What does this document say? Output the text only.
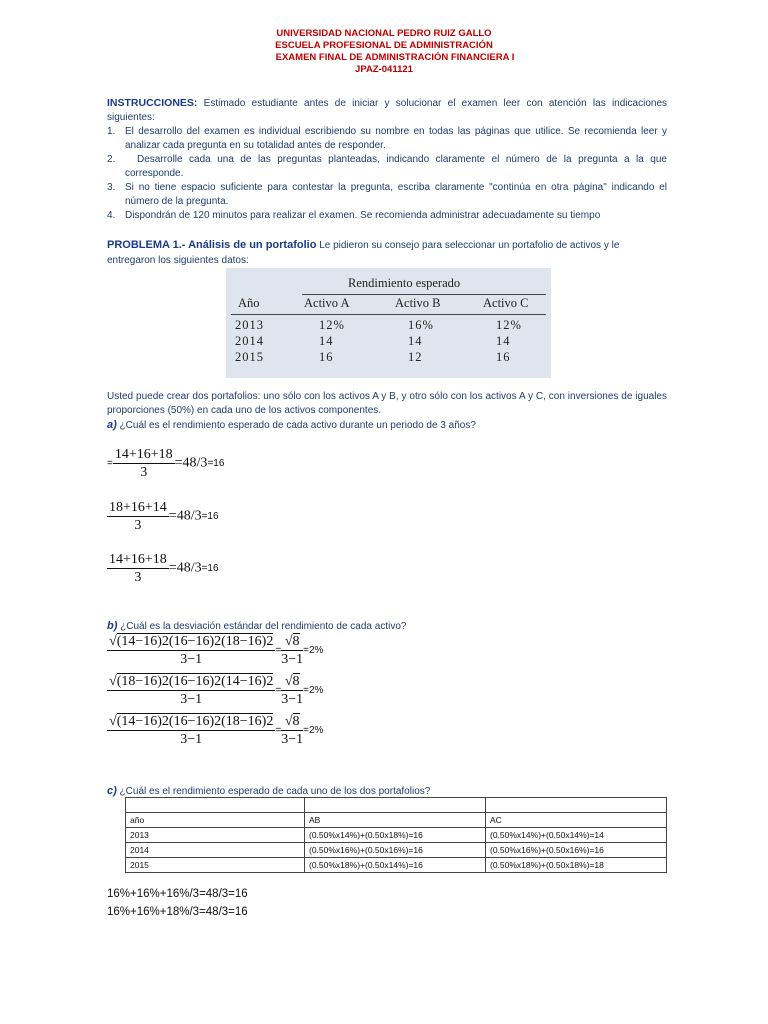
UNIVERSIDAD NACIONAL PEDRO RUIZ GALLO
ESCUELA PROFESIONAL DE ADMINISTRACIÓN
EXAMEN FINAL DE ADMINISTRACIÓN FINANCIERA I
JPAZ-041121
INSTRUCCIONES: Estimado estudiante antes de iniciar y solucionar el examen leer con atención las indicaciones siguientes:
1. El desarrollo del examen es individual escribiendo su nombre en todas las páginas que utilice. Se recomienda leer y analizar cada pregunta en su totalidad antes de responder.
2.	Desarrolle cada una de las preguntas planteadas, indicando claramente el número de la pregunta a la que corresponde.
3. Si no tiene espacio suficiente para contestar la pregunta, escriba claramente "continúa en otra página" indicando el número de la pregunta.
4. Dispondrán de 120 minutos para realizar el examen. Se recomienda administrar adecuadamente su tiempo
PROBLEMA 1.- Análisis de un portafolio Le pidieron su consejo para seleccionar un portafolio de activos y le entregaron los siguientes datos:
Rendimiento esperado
Año	Activo A	Activo B	Activo C
2013	12%	16%	12%
2014	14	14	14
2015	16	12	16
Usted puede crear dos portafolios: uno sólo con los activos A y B, y otro sólo con los activos A y C, con inversiones de iguales proporciones (50%) en cada uno de los activos componentes.
a) ¿Cuál es el rendimiento esperado de cada activo durante un periodo de 3 años?
= $\frac{14+16+18}{3} =48/3=16$
$\frac{18+16+14}{3} =48/3=16$
$\frac{14+16+18}{3} =48/3=16$
b) ¿Cuál es la desviación estándar del rendimiento de cada activo?
$\frac{√(14-16)2(16-16)2(18-16)2}{3-1} = \frac{√8}{3-1} =2\%$
$\frac{√(18-16)2(16-16)2(14-16)2}{3-1} = \frac{√8}{3-1} =2\%$
$\frac{√(14-16)2(16-16)2(18-16)2}{3-1} = \frac{√8}{3-1} =2\%$
c) ¿Cuál es el rendimiento esperado de cada uno de los dos portafolios?

año	AB	AC
2013	(0.50%x14%)+(0.50x18%)=16	(0.50%x14%)+(0.50x14%)=14
2014	(0.50%x16%)+(0.50x16%)=16	(0.50%x16%)+(0.50x16%)=16
2015	(0.50%x18%)+(0.50x14%)=16	(0.50%x18%)+(0.50x18%)=18
16%+16%+16%/3=48/3=16
16%+16%+18%/3=48/3=16
